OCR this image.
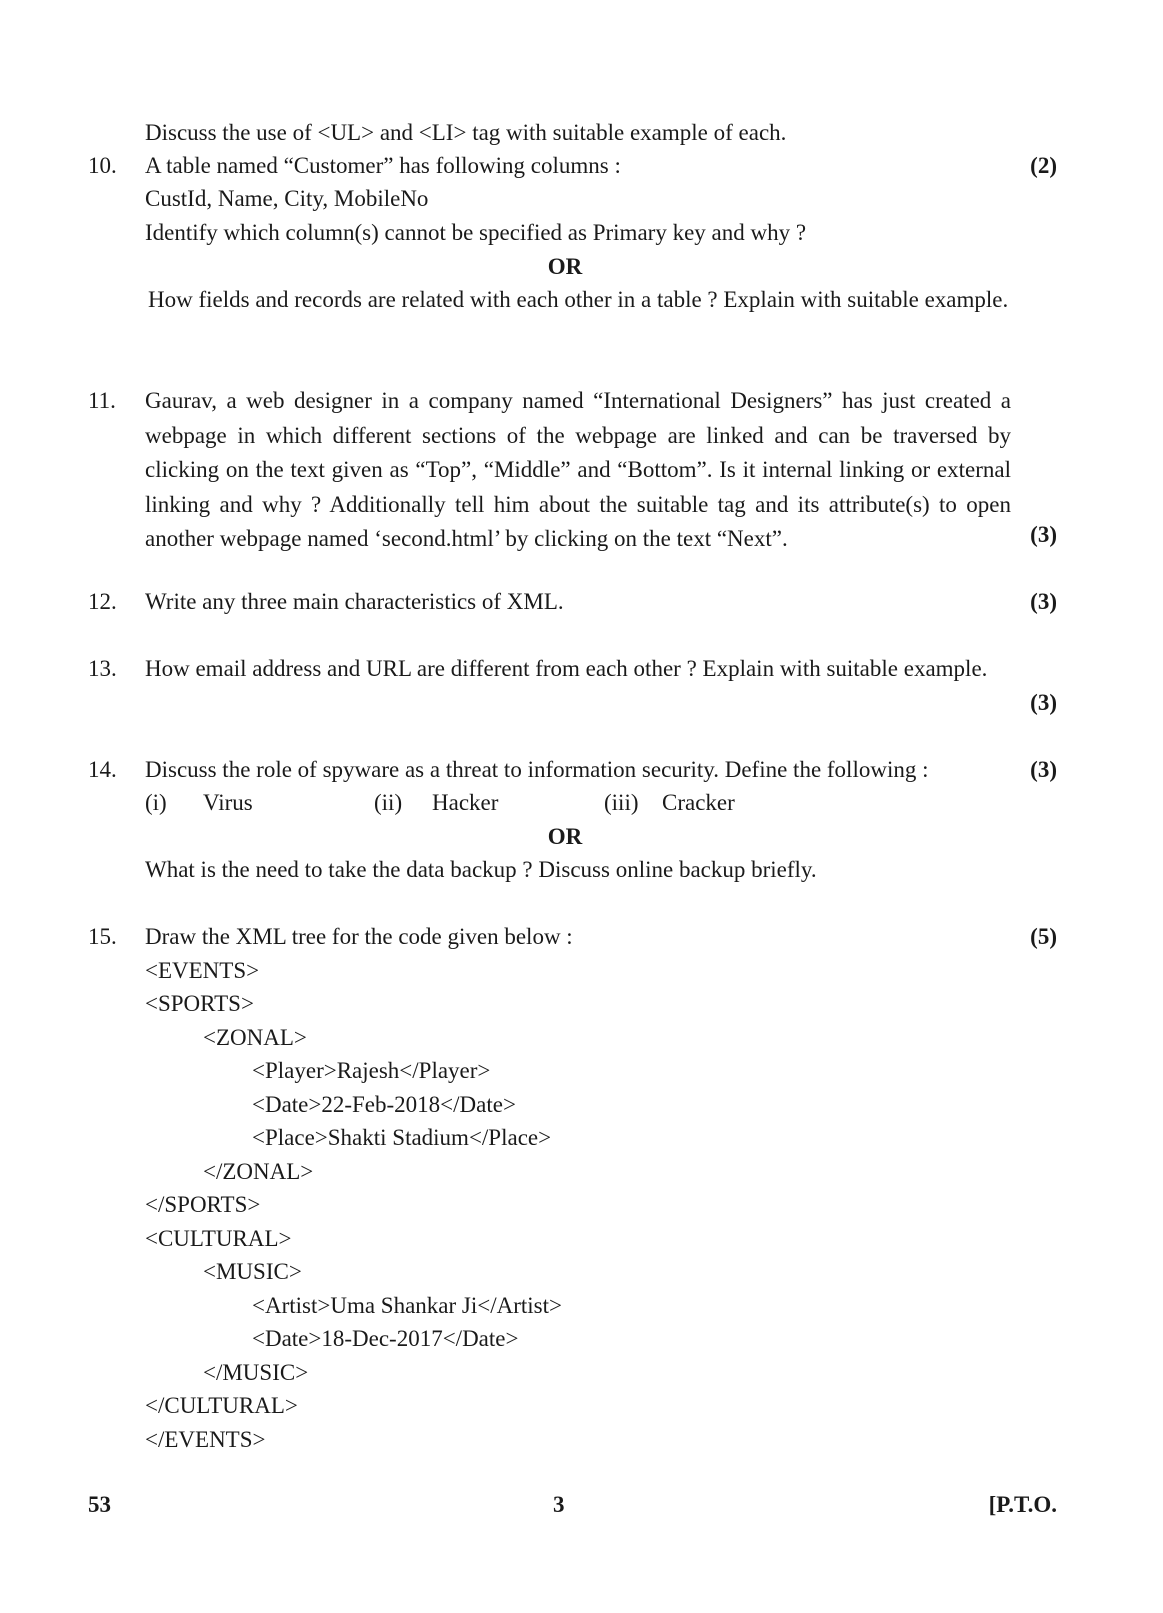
Discuss the use of <UL> and <LI> tag with suitable example of each.
10. A table named “Customer” has following columns :	(2)
CustId, Name, City, MobileNo
Identify which column(s) cannot be specified as Primary key and why ?
OR
How fields and records are related with each other in a table ? Explain with suitable example.
11. Gaurav, a web designer in a company named “International Designers” has just created a webpage in which different sections of the webpage are linked and can be traversed by clicking on the text given as “Top”, “Middle” and “Bottom”. Is it internal linking or external linking and why ? Additionally tell him about the suitable tag and its attribute(s) to open another webpage named ‘second.html’ by clicking on the text “Next”.	(3)
12. Write any three main characteristics of XML.	(3)
13. How email address and URL are different from each other ? Explain with suitable example.
(3)
14. Discuss the role of spyware as a threat to information security. Define the following :	(3)
(i) Virus	(ii) Hacker	(iii) Cracker
OR
What is the need to take the data backup ? Discuss online backup briefly.
15. Draw the XML tree for the code given below :	(5)
<EVENTS>
<SPORTS>
<ZONAL>
<Player>Rajesh</Player>
<Date>22-Feb-2018</Date>
<Place>Shakti Stadium</Place>
</ZONAL>
</SPORTS>
<CULTURAL>
<MUSIC>
<Artist>Uma Shankar Ji</Artist>
<Date>18-Dec-2017</Date>
</MUSIC>
</CULTURAL>
</EVENTS>
53	3	[P.T.O.
